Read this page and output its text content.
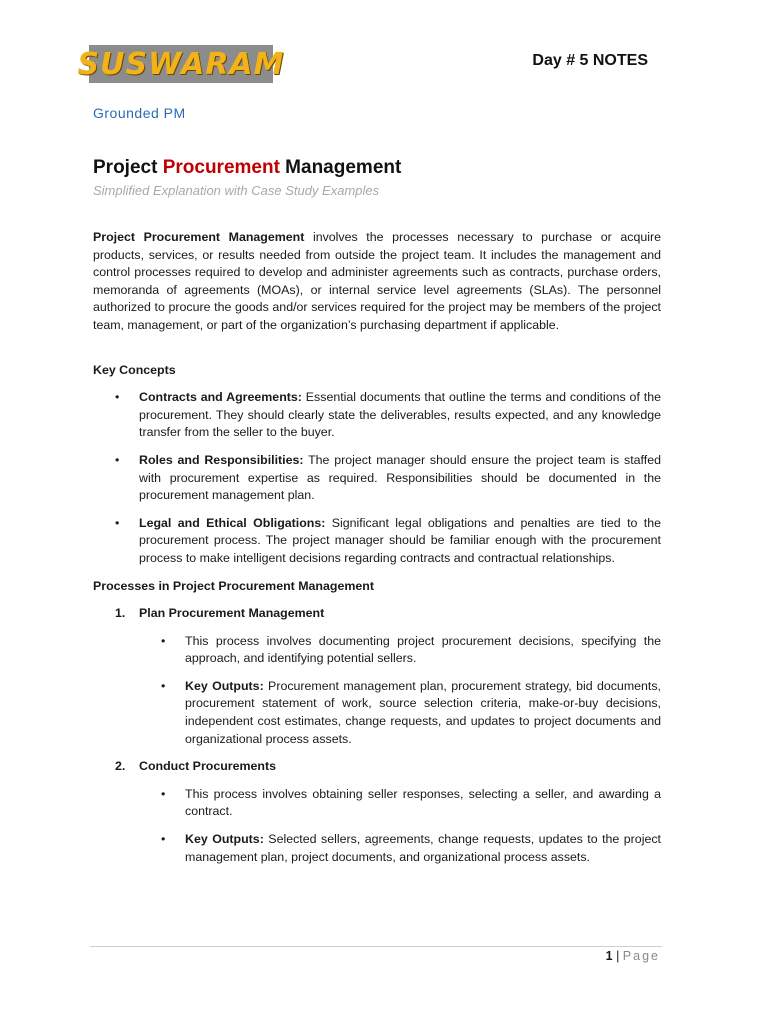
SUSWARAM	Day # 5 NOTES
Grounded PM
Project Procurement Management
Simplified Explanation with Case Study Examples

Project Procurement Management involves the processes necessary to purchase or acquire products, services, or results needed from outside the project team. It includes the management and control processes required to develop and administer agreements such as contracts, purchase orders, memoranda of agreements (MOAs), or internal service level agreements (SLAs). The personnel authorized to procure the goods and/or services required for the project may be members of the project team, management, or part of the organization’s purchasing department if applicable.

Key Concepts
• Contracts and Agreements: Essential documents that outline the terms and conditions of the procurement. They should clearly state the deliverables, results expected, and any knowledge transfer from the seller to the buyer.
• Roles and Responsibilities: The project manager should ensure the project team is staffed with procurement expertise as required. Responsibilities should be documented in the procurement management plan.
• Legal and Ethical Obligations: Significant legal obligations and penalties are tied to the procurement process. The project manager should be familiar enough with the procurement process to make intelligent decisions regarding contracts and contractual relationships.
Processes in Project Procurement Management
1. Plan Procurement Management
• This process involves documenting project procurement decisions, specifying the approach, and identifying potential sellers.
• Key Outputs: Procurement management plan, procurement strategy, bid documents, procurement statement of work, source selection criteria, make-or-buy decisions, independent cost estimates, change requests, and updates to project documents and organizational process assets.
2. Conduct Procurements
• This process involves obtaining seller responses, selecting a seller, and awarding a contract.
• Key Outputs: Selected sellers, agreements, change requests, updates to the project management plan, project documents, and organizational process assets.
1 | Page
